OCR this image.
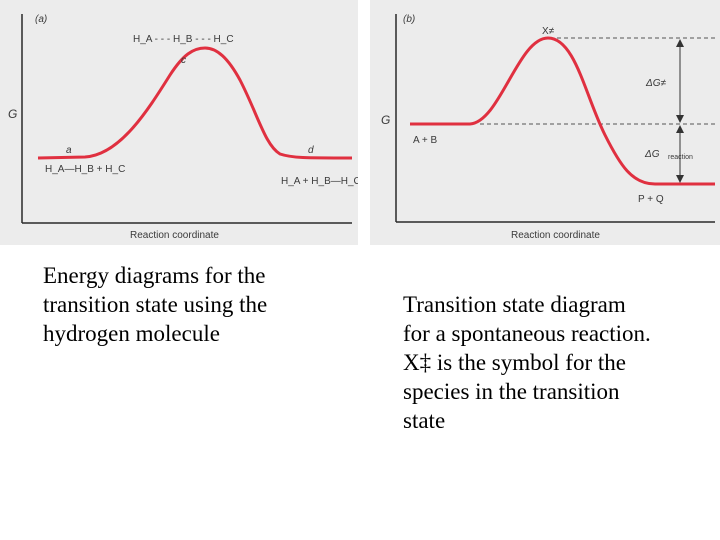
(a)
G
Reaction coordinate
H_A - - - H_B - - - H_C
c
a
H_A—H_B + H_C
d
H_A + H_B—H_C
(b)
G
Reaction coordinate
X≠
A + B
P + Q
ΔG≠
ΔG reaction
Energy diagrams for the
transition state using the
hydrogen molecule
Transition state diagram
for a spontaneous reaction.
X‡ is the symbol for the
species in the transition
state
